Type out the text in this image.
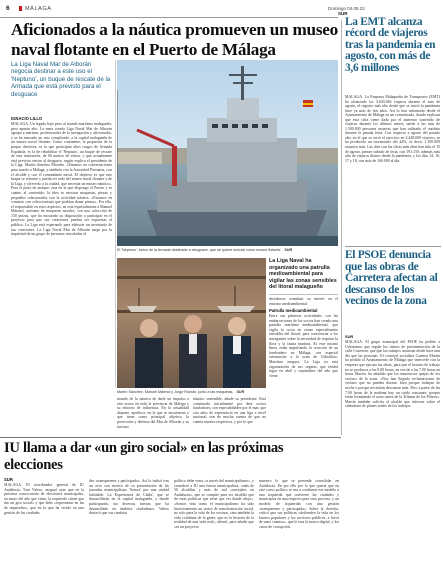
6	MÁLAGA	Domingo 04.09.22
SUR
Aficionados a la náutica promueven un museo naval flotante en el Puerto de Málaga
La Liga Naval Mar de Alborán negocia destinar a este uso el 'Neptuno', un buque de rescate de la Armada que está previsto para el desguace
IGNACIO LILLO
MÁLAGA. Un legado bajo peso al mundo marítimo malagueño, pero apunta alto. La meta creada Liga Naval Mar de Alborán agrupa a marinos, profesionales de la navegación y aficionados, y se ha marcado un reto complicado: a la capital malagueña de un museo naval flotante. Como continente, la propuesta de la propia directiva, es la que participan altos cargos de Armada Española, es la de rehabilitar el 'Neptuno', un buque de rescate de esta institución, de 60 metros de eslora, y que actualmente está previsto enviar al desguace, según explica el presidente de la Liga, Martín Sánchez Morales. «Estamos en conversaciones para traerlo a Málaga, y también con la Autoridad Portuaria, con el alcalde y con el comandante naval. El objetivo es que este buque se reforme y pueda ser sede del museo naval flotante y de la Liga, y ofrecerlo a la ciudad, que necesita un museo náutico». Para el perío de atraque, esta en la que dispongo el Puerto y es cuanto al contenido, la idea es mostrar maquetas, piezas y pequeños relacionados con la actividad náutica. «Estamos en contacto con coleccionistas que podrían donar piezas». Por ello, el responsable en estos aspectos, en esta especialmente a Manuel Mármol, artesano de maquetas navales, con una colección de 150 piezas, que ha mostrado su disposición a participar en el proyecto para que sus creaciones puedan ser expuestas al público. La Liga está esperando para elaborar un inventario de sus creaciones. La Liga Naval Mar de Alborán surge por la inquietud de un grupo de personas vinculadas al
El 'Neptuno', barco de la Armada destinado a desguace, que se quiere reciclar como museo flotante. SUR
Martín Sánchez, Manuel Mármol y Jorge Román, junto a las maquetas. SUR
La Liga Naval ha organizado una patrulla medioambiental para vigilar las zonas sensibles del litoral malagueño
decidieron constituir su interés en el entorno medioambiental.
Patrulla medioambiental
Entre sus primeras actividades, con las embarcaciones de los socios han creado una patrulla marítima medioambiental, que vigila la costa en zonas especialmente sensibles del litoral, para concienciar a los navegantes sobre la necesidad de respetar la flora y la fauna marinas. Es este mismo línea, están impulsando la creación de un fondeadero en Málaga, con especial orientación a la zona de Gibralfaro, Martínez asegura. La Liga ya está organización de sus regatas, que tendrá lugar en abril y septiembre del año que viene.
mundo de la náutica de darle un impulso a este sector en toda la provincia de Málaga y su entorno de influencia. En la actualidad dispone, apolítica, en la que se encuentran y que tiene como principal objetivo la protección y defensa del Mar de Alborán y su turismo
náutico sostenible, añade su presidente. Está constituida inicialmente por diez socios fundadores, con especialidades por el mar, que con años de experiencia en una liga a nivel nacional, son de mucha cuenta de que no cuenta nuestra respectiva, y por lo que
La EMT alcanza récord de viajeros tras la pandemia en agosto, con más de 3,6 millones
MÁLAGA. La Empresa Malagueña de Transportes (EMT) ha alcanzado los 3.620.046 viajeros durante el mes de agosto, el registro más alto desde que se inició la pandemia hace ya más de dos años. Así lo han informado desde el Ayuntamiento de Málaga en un comunicado, donde explican que está cifra viene dada por el aumento sostenido de viajeros durante los últimos meses, unido a las más de 1.500.000 personas usuarias que han utilizado el autobús durante la pasada feria. Con respecto a agosto del pasado año, en el que se cerró el ejercicio en 2.448.000 viajeros, se ha producido un incremento del 44%, es decir, 1.100.000 usuarios más. Las diez con las cifras más altas han sido el 15 de agosto, primer sábado de feria, con 191.150, además más alto de viajeros diarios desde la pandemia; y los días 14, 16, 17 y 18, con más de 160.000 al día.
El PSOE denuncia que las obras de Carretera afectan al descanso de los vecinos de la zona
SUR
MÁLAGA. El grupo municipal del PSOE ha pedido a Urbanismo que regule los ritmos de pavimentación de la calle Carretera, que que las trabajos arrancan desde hace una día que las personas. El concejal socialista Carmen Martín ha pedido al Ayuntamiento de Málaga que intercede con la empresa que ejecuta las obras, para que el horario de trabajo no se produzca a las 9.00 horas, en vez de a las 7.00 horas en horas Martín, ha añadido que los numerosos quejas de los vecinos de la zona. «Nos han llegado reclamaciones de vecinos que no pueden dormir, bien porque trabajan de noche o porque necesitan descansar más. Pero a partir de las 7.00 horas de la mañana hay un ruido constante, porque están levantando el acero antes de la Tribuna de los Pobres». Martín también solicita al alcalde que informe sobre el calendario de planes reales de los trabajos.
IU llama a dar «un giro social» en las próximas elecciones
SUR
MÁLAGA. El coordinador general de IU Andalucía, Toni Valero, aseguró ayer que en la próxima convocatoria de elecciones municipales, en mayo del año que viene, la izquierda «tiene que dar un giro social» y que debe «representar en las de izquierdas», que en lo que ha vivido en una gestión de las ciudades
des «transparente y participada». Así lo indicó tras un acto con motivo de su presentación de las jornadas municipalistas 'Somos' por una ciudad habitable. La Experiencia de Cádiz', que se desarrollarán en la capital malagueña, y donde participarán, sus diversas fuerzas que ha desarrollado en ámbitos ciudadanos. Valero destacó que sus cambios
político debe venir «a través del municipalismo», y consideró a IU una fuerza municipalista, «más de 50 alcaldías y más de mil concejales en Andalucía», que se compite para ser alcaldía que de estas políticas que tiene que ver donde alojo». «Somos vida como el municipalismo ha sido históricamente un sector de transformación social, no solo para la vida de los vecinos, sino también la vida cotidiana de la gente, que es la historia de la realidad de una vida real», afirmó, para añadir que «es un proyecto
muestro lo que se pretende consolidar en Andalucía. En por ello por lo que quería que en este curso político se sea a confirmar ese modelo a una izquierda que convierte las ciudades y municipios en una respecto para soso proceso, y un modelo de izquierdas con una gestión «transparente y participada». Sobre la derecha, criticó que sus políticas «defienden la vida en los barrios populares y los servicios públicos, a favor de unos cuantos», que le tasa la marca digital, y los casos de corrupción.
